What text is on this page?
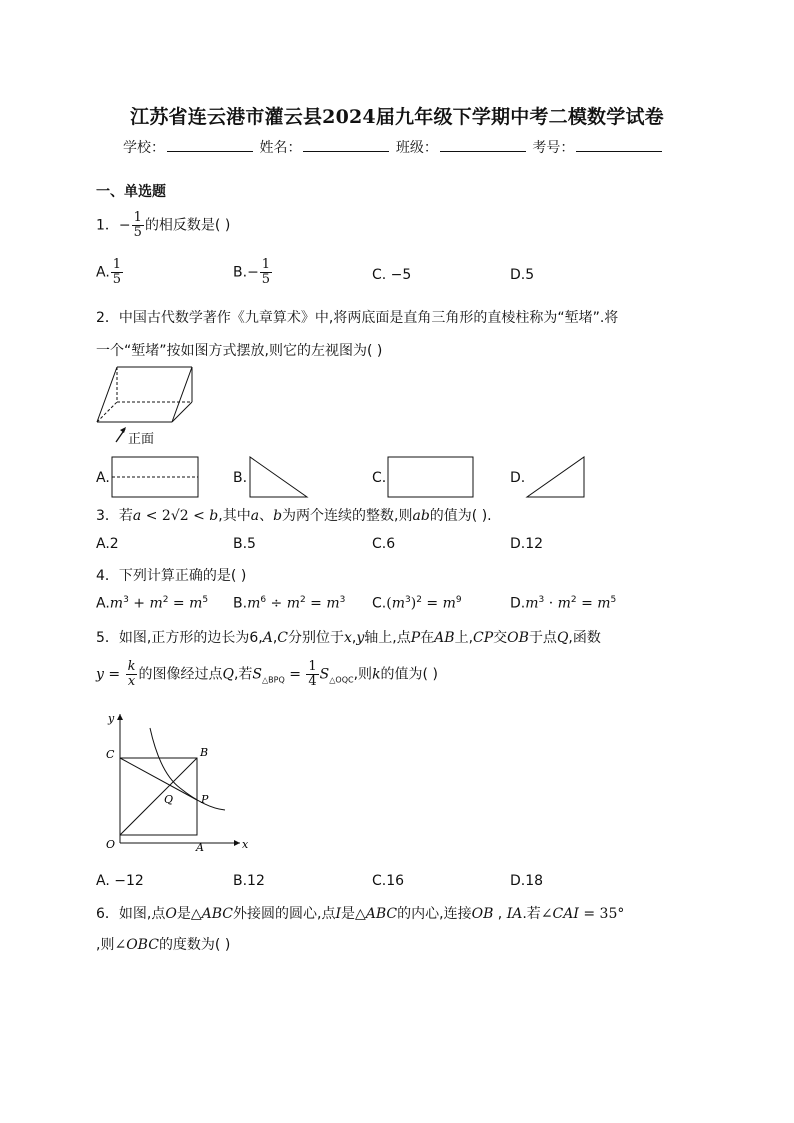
江苏省连云港市灌云县2024届九年级下学期中考二模数学试卷
学校：	姓名：	班级：	考号：
一、单选题
1．− $\frac{1}{5}$ 的相反数是( )
A. $\frac{1}{5}$	$B.- \frac{1}{5}$	C. −5	D.5
2．中国古代数学著作《九章算术》中,将两底面是直角三角形的直棱柱称为“堑堵”.将
一个“堑堵”按如图方式摆放,则它的左视图为( )
正面
A.	B.	C.	D.
3．若a < 2√2 < b,其中a、b为两个连续的整数,则ab的值为( ).
A.2	B.5	C.6	D.12
4．下列计算正确的是( )
$A.m^3 + m^2 = m^5$ $B.m^6 \div m^2 = m^3$ $C.(m^3)^2 = m^9$	$D.m^3 \cdot m^2 = m^5$
5．如图,正方形的边长为6,A,C分别位于x,y轴上,点P在AB上,CP交OB于点Q,函数
$y = \frac{k}{x}$ 的图像经过点Q,若$S_{\triangle BPQ} = \frac{1}{4} S_{\triangle OQC}$,则k的值为( )
y
x
C	B
P
Q
O	A
A. −12	B.12	C.16	D.18
6．如图,点O是△ABC外接圆的圆心,点I是△ABC的内心,连接OB , IA.若∠CAI = 35°
,则∠OBC的度数为( )
